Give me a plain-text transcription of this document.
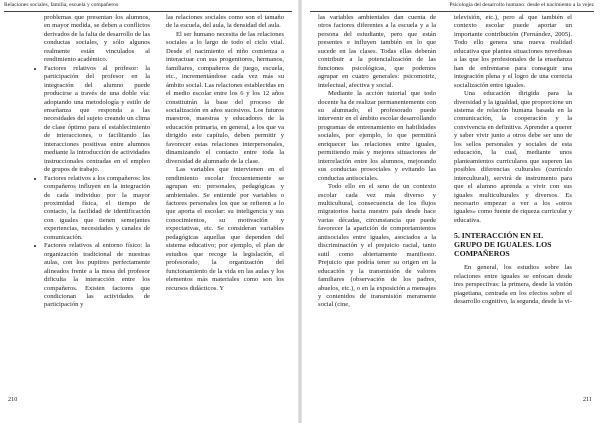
Relaciones sociales, familia, escuela y compañeros
problemas que presentan los alumnos, en mayor medida, se deben a conflictos derivados de la falta de desarrollo de las conductas sociales, y sólo algunos realmente están vinculados al rendimiento académico.
• Factores relativos al profesor: la participación del profesor en la integración del alumno puede producirse a través de una doble vía: adoptando una metodología y estilo de enseñanza que responda a las necesidades del sujeto creando un clima de clase óptimo para el establecimiento de interacciones, o facilitando las interacciones positivas entre alumnos mediante la introducción de actividades instruccionales centradas en el empleo de grupos de trabajo.
• Factores relativos a los compañeros: los compañeros influyen en la integración de cada individuo por la mayor proximidad física, el tiempo de contacto, la facilidad de identificación con iguales que tienen semejantes experiencias, necesidades y canales de comunicación.
• Factores relativos al entorno físico: la organización tradicional de nuestras aulas, con los pupitres perfectamente alineados frente a la mesa del profesor dificulta la interacción entre los compañeros. Existen factores que condicionan las actividades de participación y

las relaciones sociales como son el tamaño de la escuela, del aula, la densidad del aula.

El ser humano necesita de las relaciones sociales a lo largo de todo el ciclo vital. Desde el nacimiento el niño comienza a interactuar con sus progenitores, hermanos, familiares, compañeros de juego, escuela, etc., incrementándose cada vez más su ámbito social. Las relaciones establecidas en el medio escolar entre los 6 y los 12 años constituirán la base del proceso de socialización en años sucesivos. Los futuros maestros, maestras y educadores de la educación primaria, en general, a los que va dirigido este capítulo, deben permitir y favorecer estas relaciones interpersonales, dinamizando el contacto entre toda la diversidad de alumnado de la clase.

Las variables que intervienen en el rendimiento escolar frecuentemente se agrupan en: personales, pedagógicas y ambientales. Se entiende por variables o factores personales los que se refieren a lo que aporta el escolar: su inteligencia y sus conocimientos, su motivación y expectativas, etc. Se consideran variables pedagógicas aquellas que dependen del sistema educativo; por ejemplo, el plan de estudios que recoge la legislación, el profesorado, la organización del funcionamiento de la vida en las aulas y los elementos más materiales como son los recursos didácticos. Y

210
Psicología del desarrollo humano: desde el nacimiento a la vejez

las variables ambientales dan cuenta de otros factores diferentes a la escuela y a la persona del estudiante, pero que están presentes e influyen también en lo que sucede en las clases. Todas ellas deberán contribuir a la potencialización de las funciones psicológicas, que podemos agrupar en cuatro generales: psicomotriz, intelectual, afectiva y social.

Mediante la acción tutorial que todo docente ha de realizar permanentemente con su alumnado, el profesorado puede intervenir en el ámbito escolar desarrollando programas de entrenamiento en habilidades sociales, por ejemplo, lo que permitirá enriquecer las relaciones entre iguales, permitiendo más y mejores situaciones de interrelación entre los alumnos, mejorando sus conductas prosociales y evitando las conductas antisociales.

Todo ello en el seno de un contexto escolar cada vez más diverso y multicultural, consecuencia de los flujos migratorios hacia nuestro país desde hace varias décadas, circunstancia que puede favorecer la aparición de comportamientos antisociales entre iguales, asociados a la discriminación y el prejuicio racial, tanto sutil como abiertamente manifiesto. Prejuicio que podría tener su origen en la educación y la transmisión de valores familiares (observación de los padres, abuelos, etc.), o en la exposición a mensajes y contenidos de transmisión meramente social (cine,

televisión, etc.), pero al que también el contexto escolar puede aportar un importante contribución (Fernández, 2005). Todo ello genera una nueva realidad educativa que plantea situaciones novedosas a las que los profesionales de la enseñanza han de enfrentarse para conseguir una integración plena y el logro de una correcta socialización entre iguales.

Una educación dirigida para la diversidad y la igualdad, que proporcione un sistema de relación humana basada en la comunicación, la cooperación y la convivencia en definitiva. Aprender a querer y saber vivir junto a otros debe ser uno de los sellos personales y sociales de esta educación, la cual, mediante unos planteamientos curriculares que superen las posibles diferencias culturales (currículo intercultural), servirá de instrumento para que el alumno aprenda a vivir con sus iguales multiculturales y diversos. Es necesario empezar a ver a los «otros iguales» como fuente de riqueza curricular y educativa.

5. INTERACCIÓN EN EL GRUPO DE IGUALES. LOS COMPAÑEROS

En general, los estudios sobre las relaciones entre iguales se enfocan desde tres perspectivas: la primera, desde la visión piagetiana, centrada en los efectos sobre el desarrollo cognitivo, la segunda, desde la vi-

211
